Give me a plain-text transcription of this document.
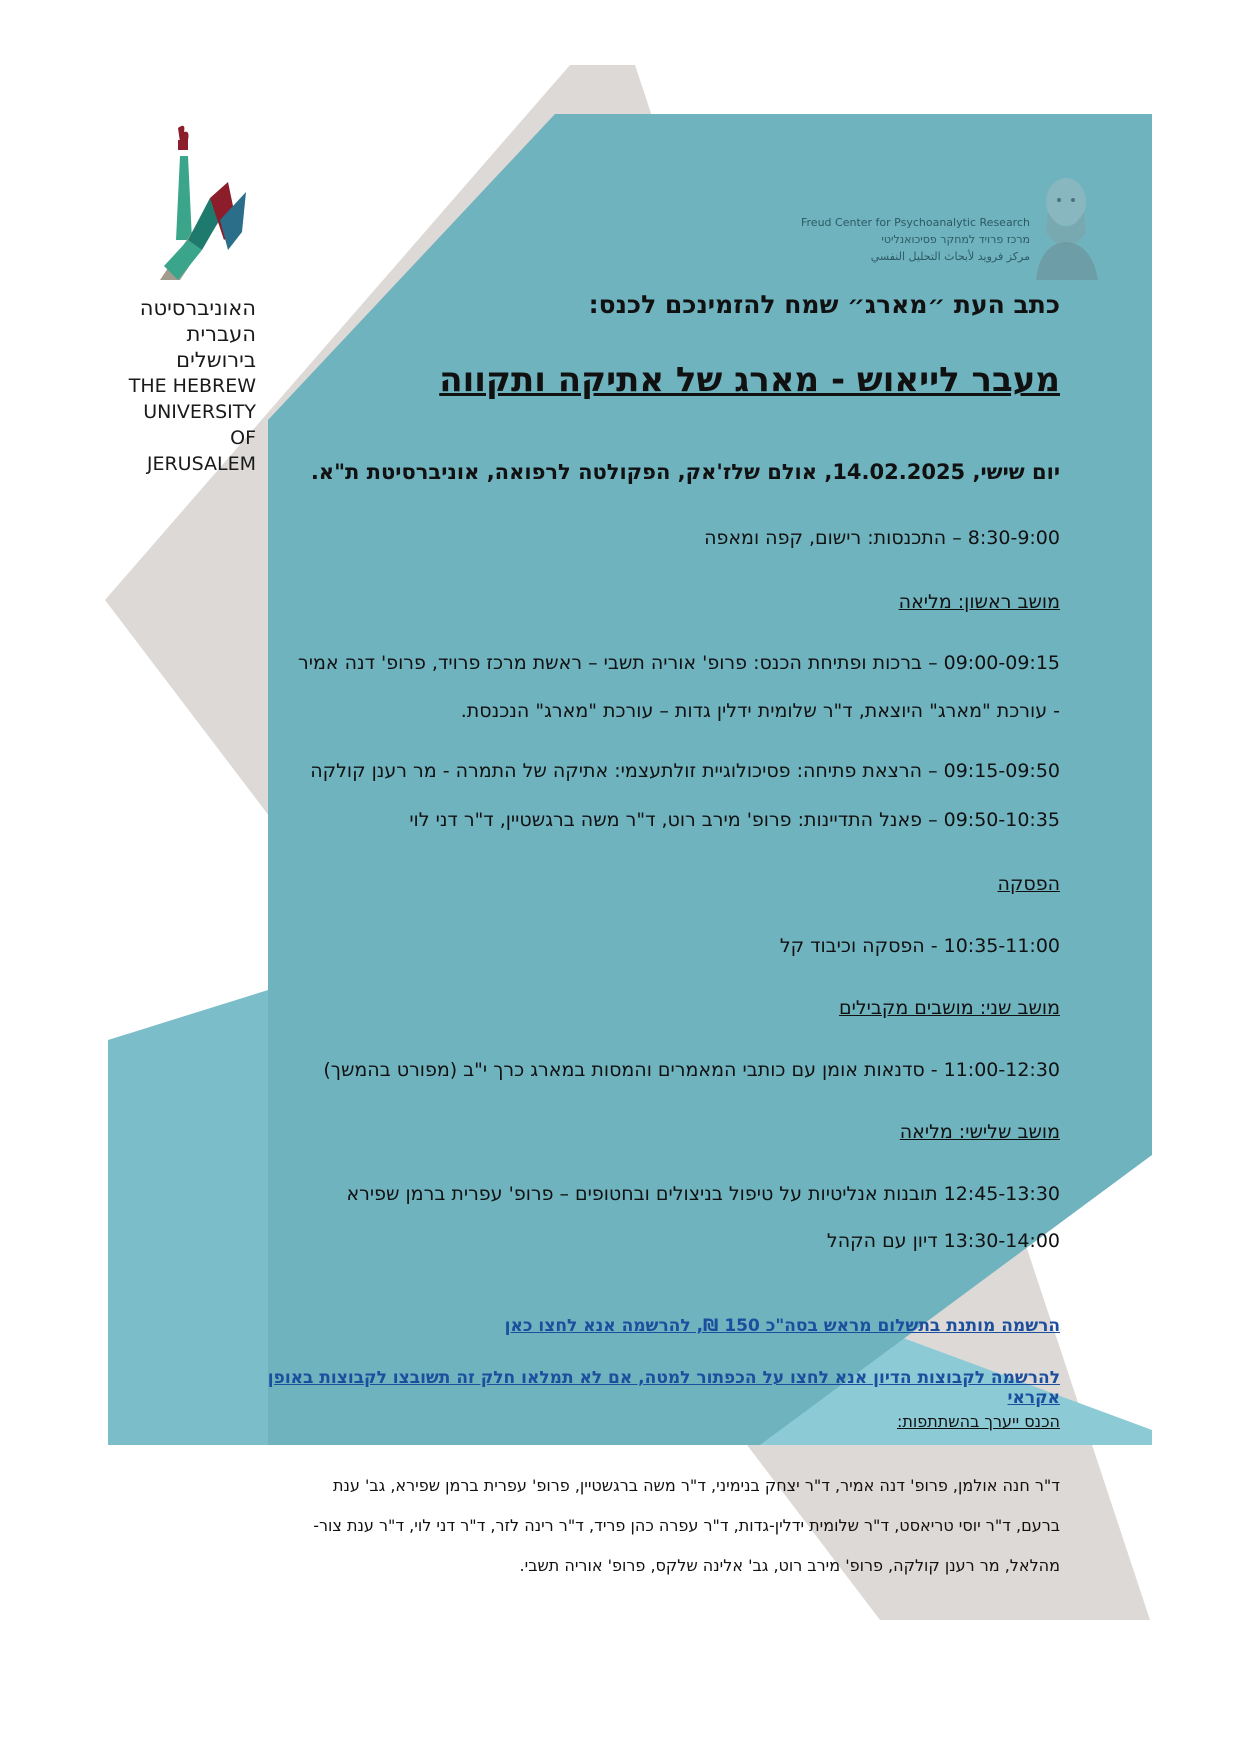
האוניברסיטה
העברית
בירושלים
THE HEBREW
UNIVERSITY
OF JERUSALEM
Freud Center for Psychoanalytic Research
מרכז פרויד למחקר פסיכואנליטי
مركز فرويد لأبحاث التحليل النفسي
כתב העת ״מארג״ שמח להזמינכם לכנס:
מעבר לייאוש - מארג של אתיקה ותקווה
יום שישי, 14.02.2025, אולם שלז'אק, הפקולטה לרפואה, אוניברסיטת ת"א.
8:30-9:00 – התכנסות: רישום, קפה ומאפה
מושב ראשון: מליאה
09:00-09:15 – ברכות ופתיחת הכנס: פרופ' אוריה תשבי – ראשת מרכז פרויד, פרופ' דנה אמיר
- עורכת "מארג" היוצאת, ד"ר שלומית ידלין גדות – עורכת "מארג" הנכנסת.
09:15-09:50 – הרצאת פתיחה: פסיכולוגיית זולתעצמי: אתיקה של התמרה - מר רענן קולקה
09:50-10:35 – פאנל התדיינות: פרופ' מירב רוט, ד"ר משה ברגשטיין, ד"ר דני לוי
הפסקה
10:35-11:00 - הפסקה וכיבוד קל
מושב שני: מושבים מקבילים
11:00-12:30 - סדנאות אומן עם כותבי המאמרים והמסות במארג כרך י"ב (מפורט בהמשך)
מושב שלישי: מליאה
12:45-13:30 תובנות אנליטיות על טיפול בניצולים ובחטופים – פרופ' עפרית ברמן שפירא
13:30-14:00 דיון עם הקהל
הרשמה מותנת בתשלום מראש בסה"כ 150 ₪, להרשמה אנא לחצו כאן
להרשמה לקבוצות הדיון אנא לחצו על הכפתור למטה, אם לא תמלאו חלק זה תשובצו לקבוצות באופן אקראי
הכנס ייערך בהשתתפות:
ד"ר חנה אולמן, פרופ' דנה אמיר, ד"ר יצחק בנימיני, ד"ר משה ברגשטיין, פרופ' עפרית ברמן שפירא, גב' ענת
ברעם, ד"ר יוסי טריאסט, ד"ר שלומית ידלין-גדות, ד"ר עפרה כהן פריד, ד"ר רינה לזר, ד"ר דני לוי, ד"ר ענת צור-
מהלאל, מר רענן קולקה, פרופ' מירב רוט, גב' אלינה שלקס, פרופ' אוריה תשבי.
